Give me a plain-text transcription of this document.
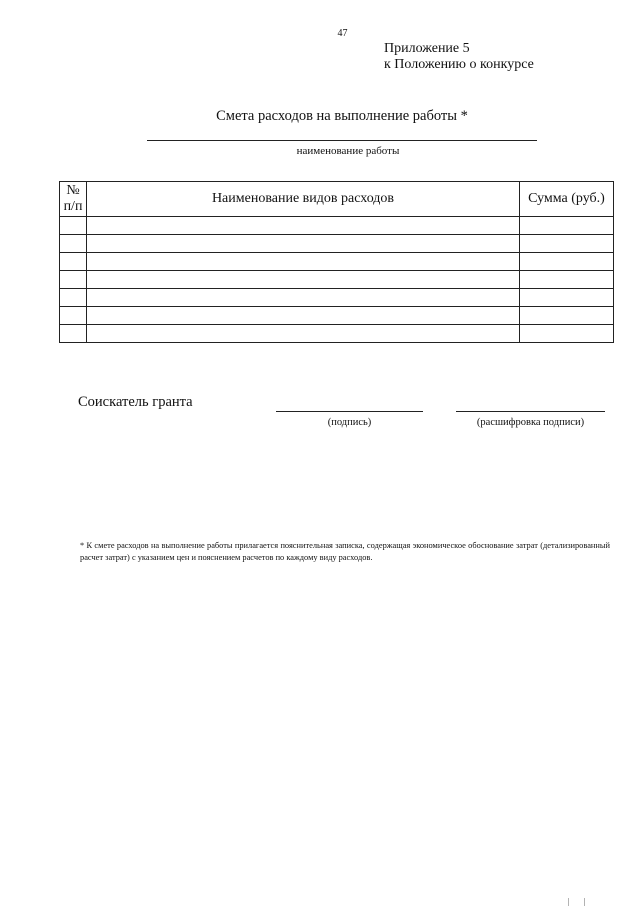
47
Приложение 5
к Положению о конкурсе
Смета расходов на выполнение работы *
наименование работы
№ п/п	Наименование видов расходов	Сумма (руб.)

Соискатель гранта
(подпись)	(расшифровка подписи)
* К смете расходов на выполнение работы прилагается пояснительная записка, содержащая экономическое обоснование затрат (детализированный расчет затрат) с указанием цен и пояснением расчетов по каждому виду расходов.
| |
